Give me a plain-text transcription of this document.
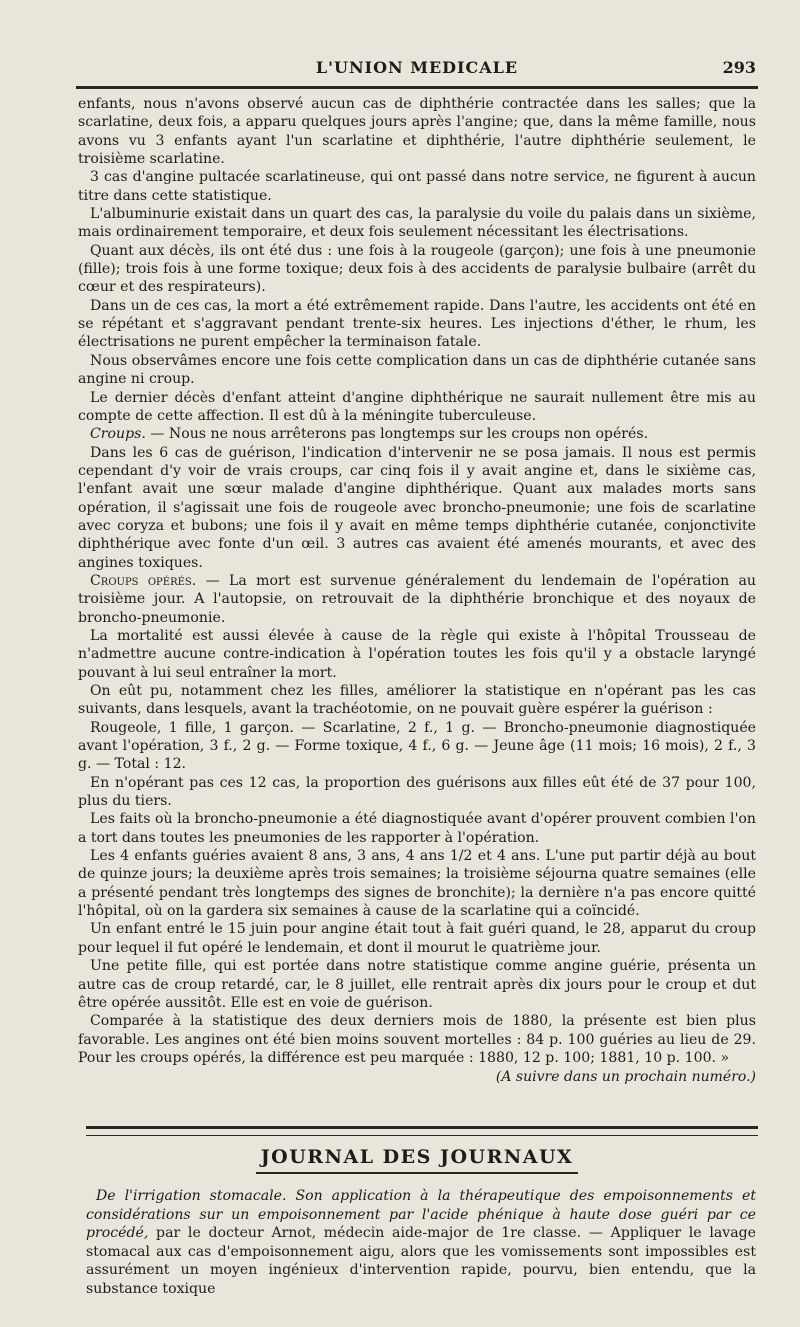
L'UNION MEDICALE	293

enfants, nous n'avons observé aucun cas de diphthérie contractée dans les salles; que la scarlatine, deux fois, a apparu quelques jours après l'angine; que, dans la même famille, nous avons vu 3 enfants ayant l'un scarlatine et diphthérie, l'autre diphthérie seulement, le troisième scarlatine.

3 cas d'angine pultacée scarlatineuse, qui ont passé dans notre service, ne figurent à aucun titre dans cette statistique.

L'albuminurie existait dans un quart des cas, la paralysie du voile du palais dans un sixième, mais ordinairement temporaire, et deux fois seulement nécessitant les électrisations.

Quant aux décès, ils ont été dus : une fois à la rougeole (garçon); une fois à une pneumonie (fille); trois fois à une forme toxique; deux fois à des accidents de paralysie bulbaire (arrêt du cœur et des respirateurs).

Dans un de ces cas, la mort a été extrêmement rapide. Dans l'autre, les accidents ont été en se répétant et s'aggravant pendant trente-six heures. Les injections d'éther, le rhum, les électrisations ne purent empêcher la terminaison fatale.

Nous observâmes encore une fois cette complication dans un cas de diphthérie cutanée sans angine ni croup.

Le dernier décès d'enfant atteint d'angine diphthérique ne saurait nullement être mis au compte de cette affection. Il est dû à la méningite tuberculeuse.

Croups. — Nous ne nous arrêterons pas longtemps sur les croups non opérés.

Dans les 6 cas de guérison, l'indication d'intervenir ne se posa jamais. Il nous est permis cependant d'y voir de vrais croups, car cinq fois il y avait angine et, dans le sixième cas, l'enfant avait une sœur malade d'angine diphthérique. Quant aux malades morts sans opération, il s'agissait une fois de rougeole avec broncho-pneumonie; une fois de scarlatine avec coryza et bubons; une fois il y avait en même temps diphthérie cutanée, conjonctivite diphthérique avec fonte d'un œil. 3 autres cas avaient été amenés mourants, et avec des angines toxiques.

Croups opérés. — La mort est survenue généralement du lendemain de l'opération au troisième jour. A l'autopsie, on retrouvait de la diphthérie bronchique et des noyaux de broncho-pneumonie.

La mortalité est aussi élevée à cause de la règle qui existe à l'hôpital Trousseau de n'admettre aucune contre-indication à l'opération toutes les fois qu'il y a obstacle laryngé pouvant à lui seul entraîner la mort.

On eût pu, notamment chez les filles, améliorer la statistique en n'opérant pas les cas suivants, dans lesquels, avant la trachéotomie, on ne pouvait guère espérer la guérison :

Rougeole, 1 fille, 1 garçon. — Scarlatine, 2 f., 1 g. — Broncho-pneumonie diagnostiquée avant l'opération, 3 f., 2 g. — Forme toxique, 4 f., 6 g. — Jeune âge (11 mois; 16 mois), 2 f., 3 g. — Total : 12.

En n'opérant pas ces 12 cas, la proportion des guérisons aux filles eût été de 37 pour 100, plus du tiers.

Les faits où la broncho-pneumonie a été diagnostiquée avant d'opérer prouvent combien l'on a tort dans toutes les pneumonies de les rapporter à l'opération.

Les 4 enfants guéries avaient 8 ans, 3 ans, 4 ans 1/2 et 4 ans. L'une put partir déjà au bout de quinze jours; la deuxième après trois semaines; la troisième séjourna quatre semaines (elle a présenté pendant très longtemps des signes de bronchite); la dernière n'a pas encore quitté l'hôpital, où on la gardera six semaines à cause de la scarlatine qui a coïncidé.

Un enfant entré le 15 juin pour angine était tout à fait guéri quand, le 28, apparut du croup pour lequel il fut opéré le lendemain, et dont il mourut le quatrième jour.

Une petite fille, qui est portée dans notre statistique comme angine guérie, présenta un autre cas de croup retardé, car, le 8 juillet, elle rentrait après dix jours pour le croup et dut être opérée aussitôt. Elle est en voie de guérison.

Comparée à la statistique des deux derniers mois de 1880, la présente est bien plus favorable. Les angines ont été bien moins souvent mortelles : 84 p. 100 guéries au lieu de 29. Pour les croups opérés, la différence est peu marquée : 1880, 12 p. 100; 1881, 10 p. 100. »

(A suivre dans un prochain numéro.)
JOURNAL DES JOURNAUX

De l'irrigation stomacale. Son application à la thérapeutique des empoisonnements et considérations sur un empoisonnement par l'acide phénique à haute dose guéri par ce procédé, par le docteur Arnot, médecin aide-major de 1re classe. — Appliquer le lavage stomacal aux cas d'empoisonnement aigu, alors que les vomissements sont impossibles est assurément un moyen ingénieux d'intervention rapide, pourvu, bien entendu, que la substance toxique
